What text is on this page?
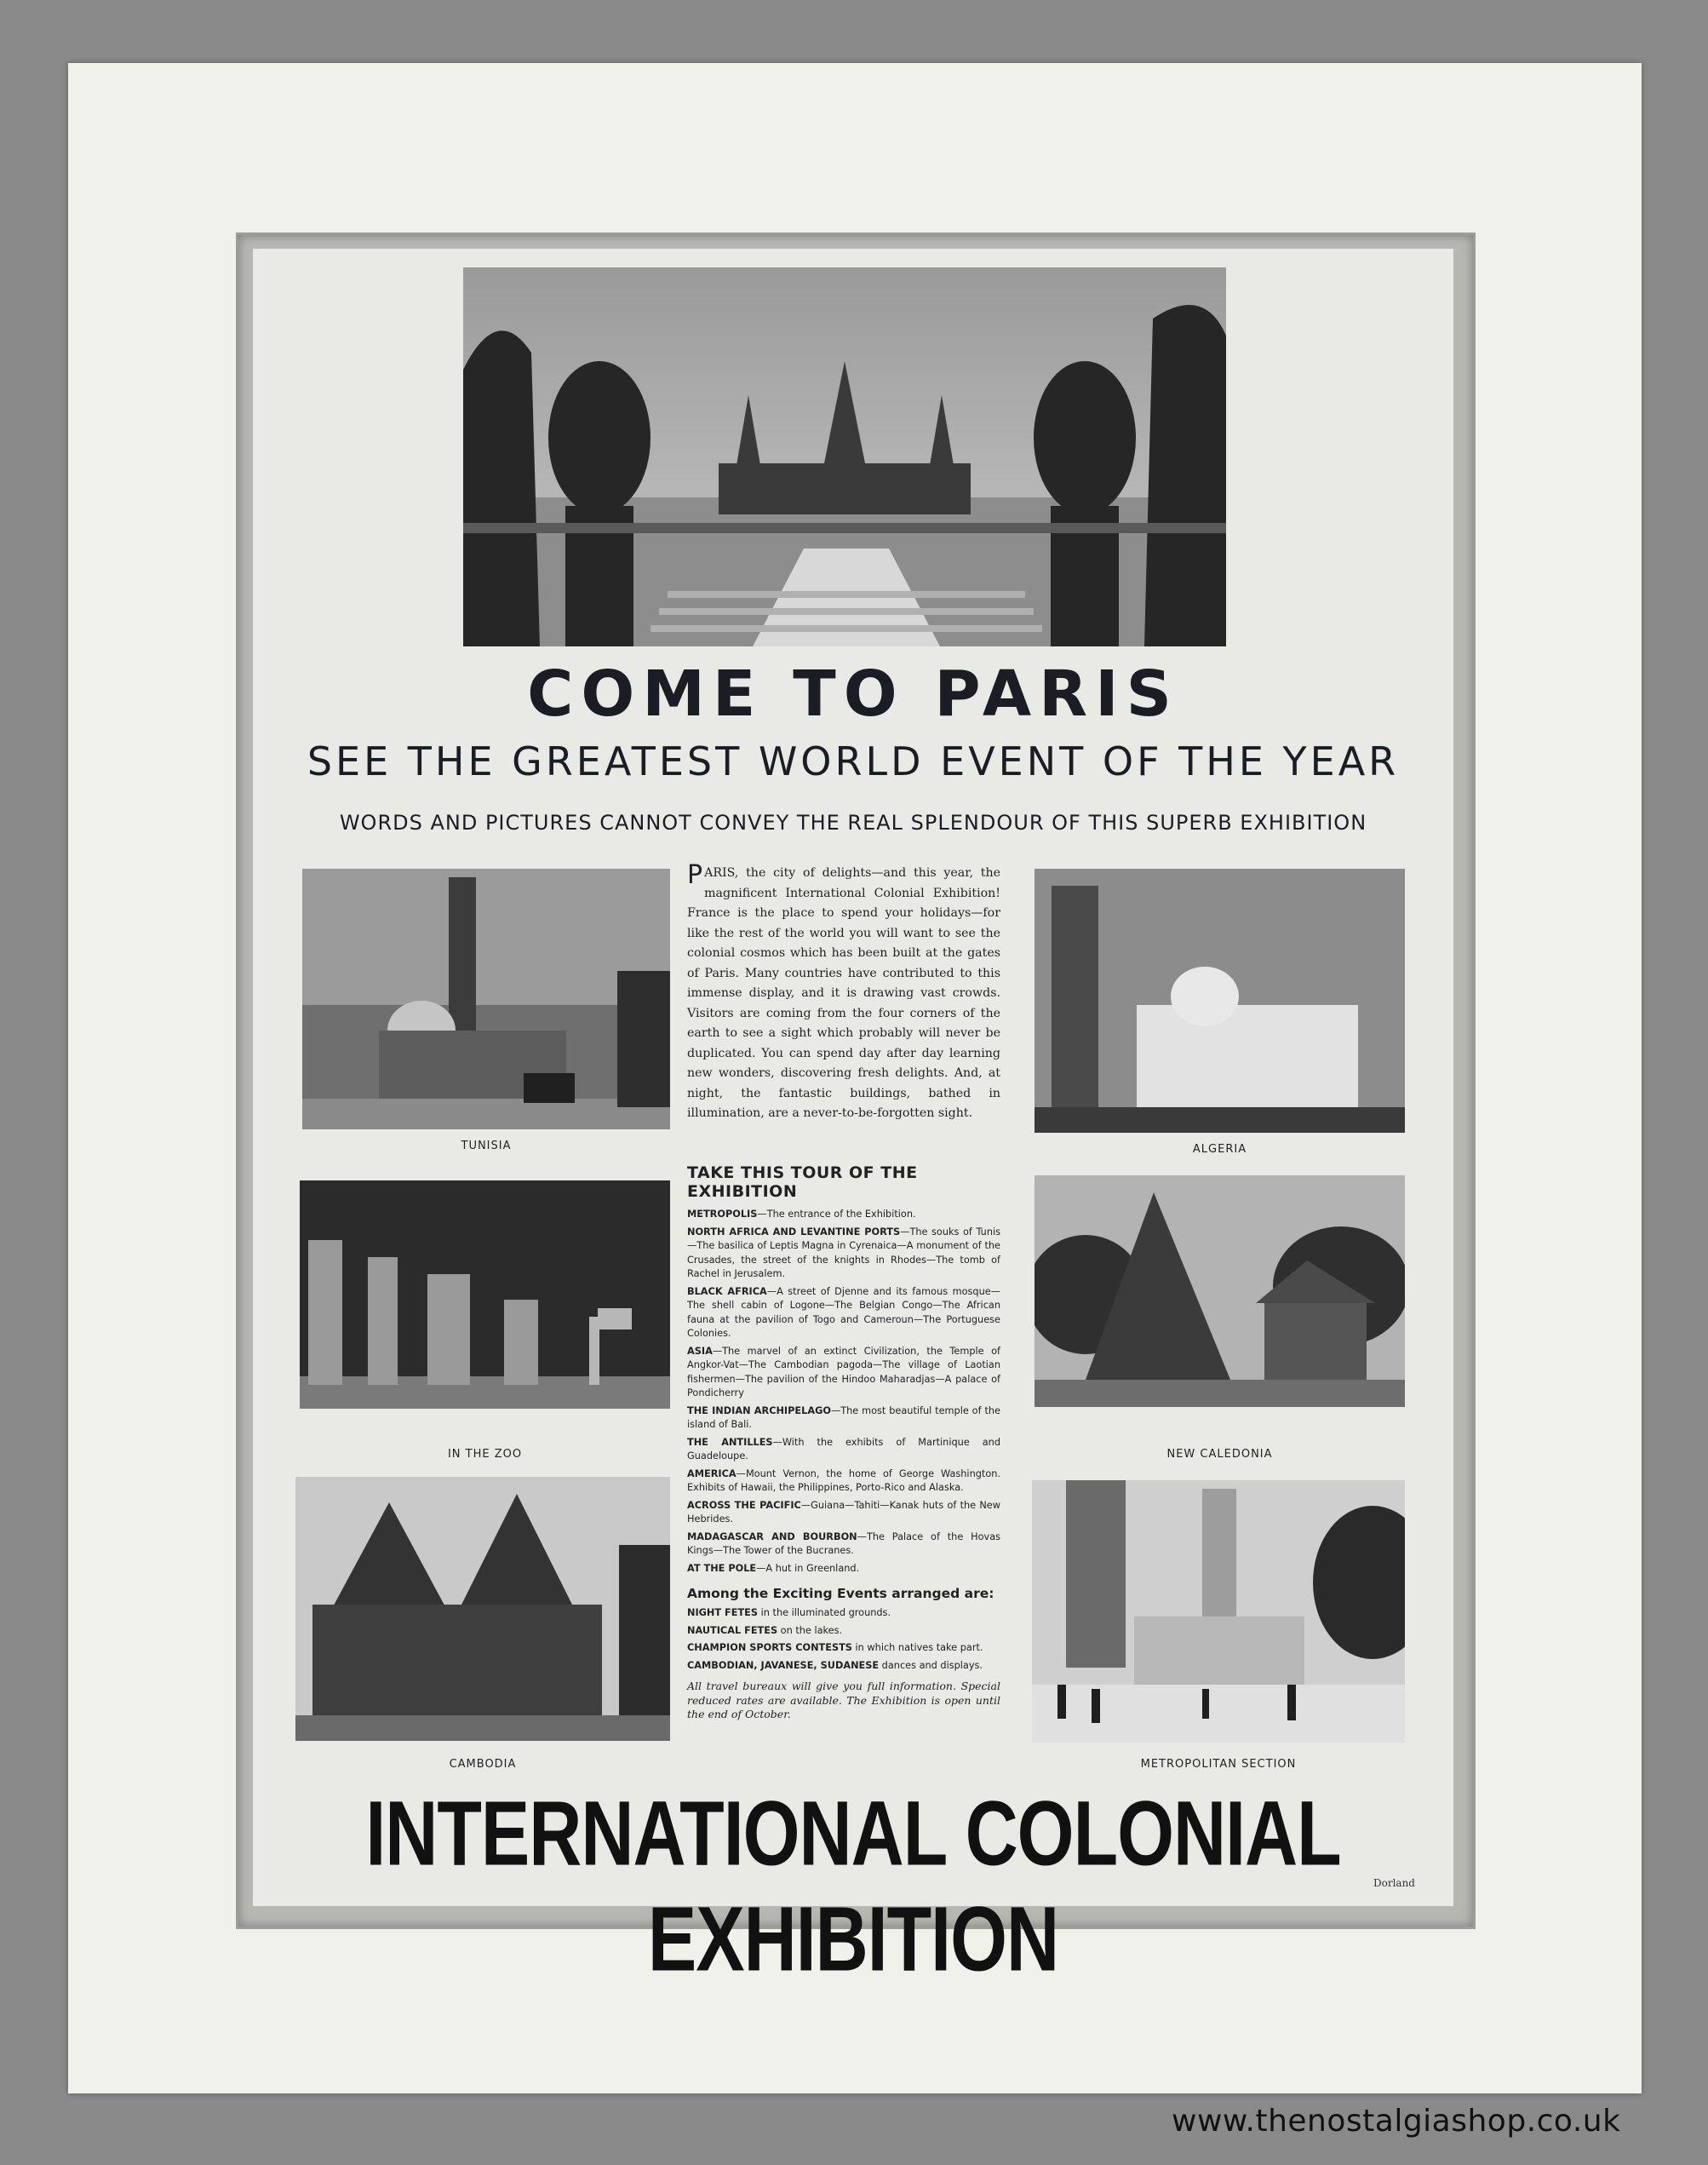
COME TO PARIS
SEE THE GREATEST WORLD EVENT OF THE YEAR
WORDS AND PICTURES CANNOT CONVEY THE REAL SPLENDOUR OF THIS SUPERB EXHIBITION
TUNISIA
IN THE ZOO
CAMBODIA
ALGERIA
NEW CALEDONIA
METROPOLITAN SECTION
PARIS, the city of delights—and this year, the magnificent International Colonial Exhibition! France is the place to spend your holidays—for like the rest of the world you will want to see the colonial cosmos which has been built at the gates of Paris. Many countries have contributed to this immense display, and it is drawing vast crowds. Visitors are coming from the four corners of the earth to see a sight which probably will never be duplicated. You can spend day after day learning new wonders, discovering fresh delights. And, at night, the fantastic buildings, bathed in illumination, are a never-to-be-forgotten sight.
TAKE THIS TOUR OF THE EXHIBITION
METROPOLIS—The entrance of the Exhibition.
NORTH AFRICA AND LEVANTINE PORTS—The souks of Tunis—The basilica of Leptis Magna in Cyrenaica—A monument of the Crusades, the street of the knights in Rhodes—The tomb of Rachel in Jerusalem.
BLACK AFRICA—A street of Djenne and its famous mosque—The shell cabin of Logone—The Belgian Congo—The African fauna at the pavilion of Togo and Cameroun—The Portuguese Colonies.
ASIA—The marvel of an extinct Civilization, the Temple of Angkor-Vat—The Cambodian pagoda—The village of Laotian fishermen—The pavilion of the Hindoo Maharadjas—A palace of Pondicherry
THE INDIAN ARCHIPELAGO—The most beautiful temple of the island of Bali.
THE ANTILLES—With the exhibits of Martinique and Guadeloupe.
AMERICA—Mount Vernon, the home of George Washington. Exhibits of Hawaii, the Philippines, Porto-Rico and Alaska.
ACROSS THE PACIFIC—Guiana—Tahiti—Kanak huts of the New Hebrides.
MADAGASCAR AND BOURBON—The Palace of the Hovas Kings—The Tower of the Bucranes.
AT THE POLE—A hut in Greenland.
Among the Exciting Events arranged are:
NIGHT FETES in the illuminated grounds.
NAUTICAL FETES on the lakes.
CHAMPION SPORTS CONTESTS in which natives take part.
CAMBODIAN, JAVANESE, SUDANESE dances and displays.
All travel bureaux will give you full information. Special reduced rates are available. The Exhibition is open until the end of October.
INTERNATIONAL COLONIAL EXHIBITION
Dorland
www.thenostalgiashop.co.uk
